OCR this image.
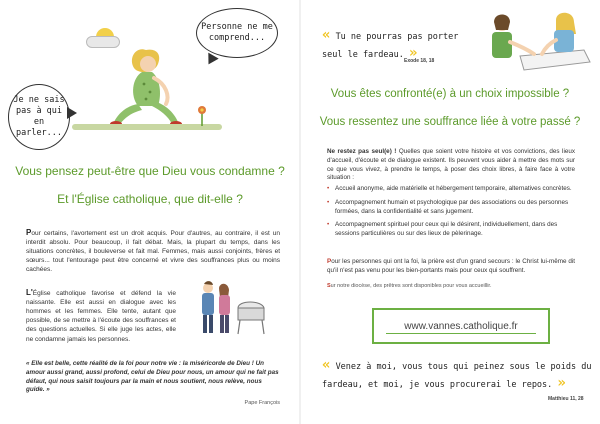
Personne ne me comprend...
Je ne sais pas à qui en parler...
Vous pensez peut-être que Dieu vous condamne ?
Et l'Église catholique, que dit-elle ?

Pour certains, l'avortement est un droit acquis. Pour d'autres, au contraire, il est un interdit absolu. Pour beaucoup, il fait débat. Mais, la plupart du temps, dans les situations concrètes, il bouleverse et fait mal. Femmes, mais aussi conjoints, frères et sœurs... tout l'entourage peut être concerné et vivre des souffrances plus ou moins cachées.

L'Église catholique favorise et défend la vie naissante. Elle est aussi en dialogue avec les hommes et les femmes. Elle tente, autant que possible, de se mettre à l'écoute des souffrances et des questions actuelles. Si elle juge les actes, elle ne condamne jamais les personnes.

« Elle est belle, cette réalité de la foi pour notre vie : la miséricorde de Dieu ! Un amour aussi grand, aussi profond, celui de Dieu pour nous, un amour qui ne fait pas défaut, qui nous saisit toujours par la main et nous soutient, nous relève, nous guide. »

Pape François
« Tu ne pourras pas porter seul le fardeau. »
Exode 18, 18
Vous êtes confronté(e) à un choix impossible ?
Vous ressentez une souffrance liée à votre passé ?

Ne restez pas seul(e) ! Quelles que soient votre histoire et vos convictions, des lieux d'accueil, d'écoute et de dialogue existent. Ils peuvent vous aider à mettre des mots sur ce que vous vivez, à prendre le temps, à poser des choix libres, à faire face à votre situation :

• Accueil anonyme, aide matérielle et hébergement temporaire, alternatives concrètes.
• Accompagnement humain et psychologique par des associations ou des personnes formées, dans la confidentialité et sans jugement.
• Accompagnement spirituel pour ceux qui le désirent, individuellement, dans des sessions particulières ou sur des lieux de pèlerinage.

Pour les personnes qui ont la foi, la prière est d'un grand secours : le Christ lui-même dit qu'il n'est pas venu pour les bien-portants mais pour ceux qui souffrent.

Sur notre diocèse, des prêtres sont disponibles pour vous accueillir.

www.vannes.catholique.fr
« Venez à moi, vous tous qui peinez sous le poids du fardeau, et moi, je vous procurerai le repos. »
Matthieu 11, 28
